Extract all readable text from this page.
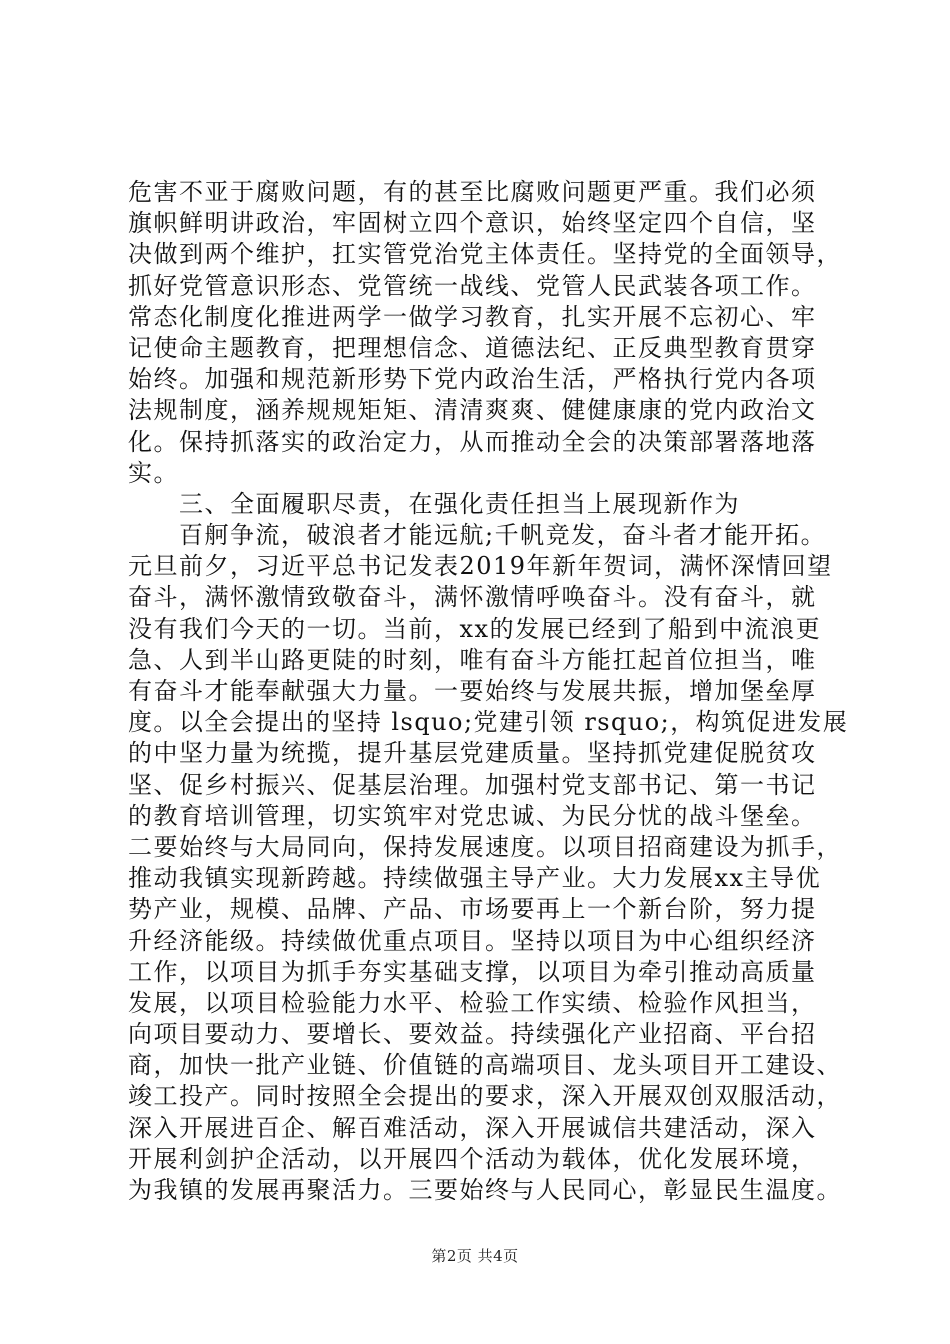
危害不亚于腐败问题，有的甚至比腐败问题更严重。我们必须
旗帜鲜明讲政治，牢固树立四个意识，始终坚定四个自信，坚
决做到两个维护，扛实管党治党主体责任。坚持党的全面领导，
抓好党管意识形态、党管统一战线、党管人民武装各项工作。
常态化制度化推进两学一做学习教育，扎实开展不忘初心、牢
记使命主题教育，把理想信念、道德法纪、正反典型教育贯穿
始终。加强和规范新形势下党内政治生活，严格执行党内各项
法规制度，涵养规规矩矩、清清爽爽、健健康康的党内政治文
化。保持抓落实的政治定力，从而推动全会的决策部署落地落
实。
　　三、全面履职尽责，在强化责任担当上展现新作为
　　百舸争流，破浪者才能远航;千帆竞发，奋斗者才能开拓。
元旦前夕，习近平总书记发表2019年新年贺词，满怀深情回望
奋斗，满怀激情致敬奋斗，满怀激情呼唤奋斗。没有奋斗，就
没有我们今天的一切。当前，xx的发展已经到了船到中流浪更
急、人到半山路更陡的时刻，唯有奋斗方能扛起首位担当，唯
有奋斗才能奉献强大力量。一要始终与发展共振，增加堡垒厚
度。以全会提出的坚持 lsquo;党建引领 rsquo;，构筑促进发展
的中坚力量为统揽，提升基层党建质量。坚持抓党建促脱贫攻
坚、促乡村振兴、促基层治理。加强村党支部书记、第一书记
的教育培训管理，切实筑牢对党忠诚、为民分忧的战斗堡垒。
二要始终与大局同向，保持发展速度。以项目招商建设为抓手，
推动我镇实现新跨越。持续做强主导产业。大力发展xx主导优
势产业，规模、品牌、产品、市场要再上一个新台阶，努力提
升经济能级。持续做优重点项目。坚持以项目为中心组织经济
工作，以项目为抓手夯实基础支撑，以项目为牵引推动高质量
发展，以项目检验能力水平、检验工作实绩、检验作风担当，
向项目要动力、要增长、要效益。持续强化产业招商、平台招
商，加快一批产业链、价值链的高端项目、龙头项目开工建设、
竣工投产。同时按照全会提出的要求，深入开展双创双服活动，
深入开展进百企、解百难活动，深入开展诚信共建活动，深入
开展利剑护企活动，以开展四个活动为载体，优化发展环境，
为我镇的发展再聚活力。三要始终与人民同心，彰显民生温度。
第2页 共4页
